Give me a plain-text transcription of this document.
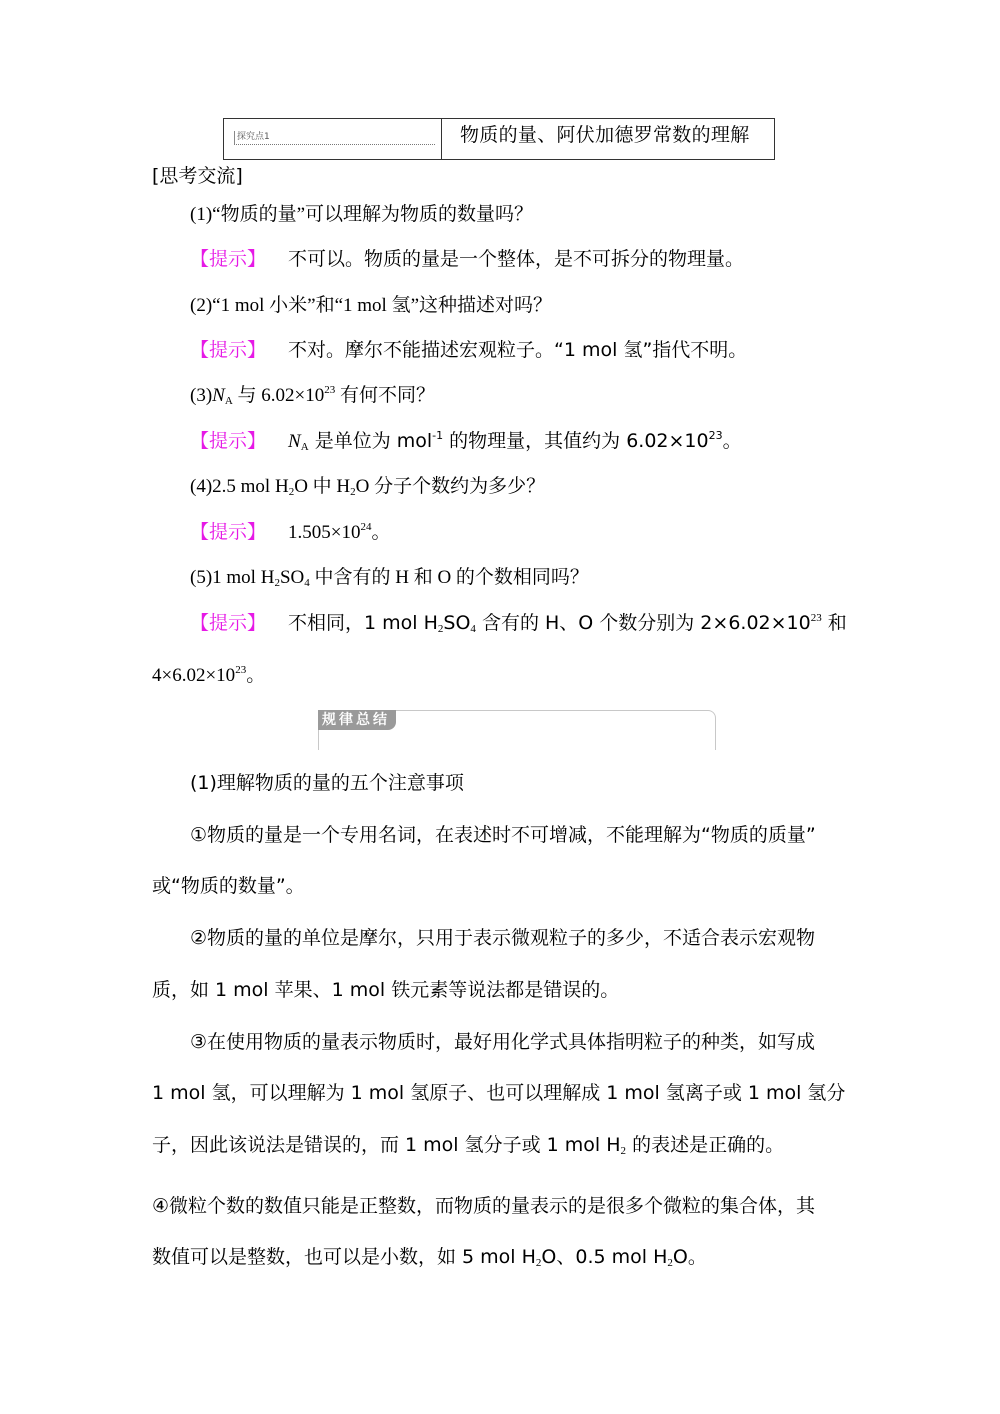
探究点1	物质的量、阿伏加德罗常数的理解
[思考交流]
(1)“物质的量”可以理解为物质的数量吗？
【提示】 不可以。物质的量是一个整体，是不可拆分的物理量。
(2)“1 mol 小米”和“1 mol 氢”这种描述对吗？
【提示】 不对。摩尔不能描述宏观粒子。“1 mol 氢”指代不明。
$(3)N_A$ 与 $6.02\times 10^{23}$ 有何不同？
【提示】 $N_A$ 是单位为 mol$^{-1}$ 的物理量，其值约为 $6.02\times 10^{23}$。
(4)2.5 mol $H_2O$ 中 $H_2O$ 分子个数约为多少？
【提示】 $1.505\times 10^{24}$。
(5)1 mol $H_2SO_4$ 中含有的 H 和 O 的个数相同吗？
【提示】 不相同，1 mol $H_2SO_4$ 含有的 H、O 个数分别为 $2\times 6.02\times 10^{23}$ 和
$4\times 6.02\times 10^{23}$。
规律总结
(1)理解物质的量的五个注意事项
①物质的量是一个专用名词，在表述时不可增减，不能理解为“物质的质量”
或“物质的数量”。
②物质的量的单位是摩尔，只用于表示微观粒子的多少，不适合表示宏观物
质，如 1 mol 苹果、1 mol 铁元素等说法都是错误的。
③在使用物质的量表示物质时，最好用化学式具体指明粒子的种类，如写成
1 mol 氢，可以理解为 1 mol 氢原子、也可以理解成 1 mol 氢离子或 1 mol 氢分
子，因此该说法是错误的，而 1 mol 氢分子或 1 mol $H_2$ 的表述是正确的。
④微粒个数的数值只能是正整数，而物质的量表示的是很多个微粒的集合体，其
数值可以是整数，也可以是小数，如 5 mol $H_2O$、0.5 mol $H_2O$。
